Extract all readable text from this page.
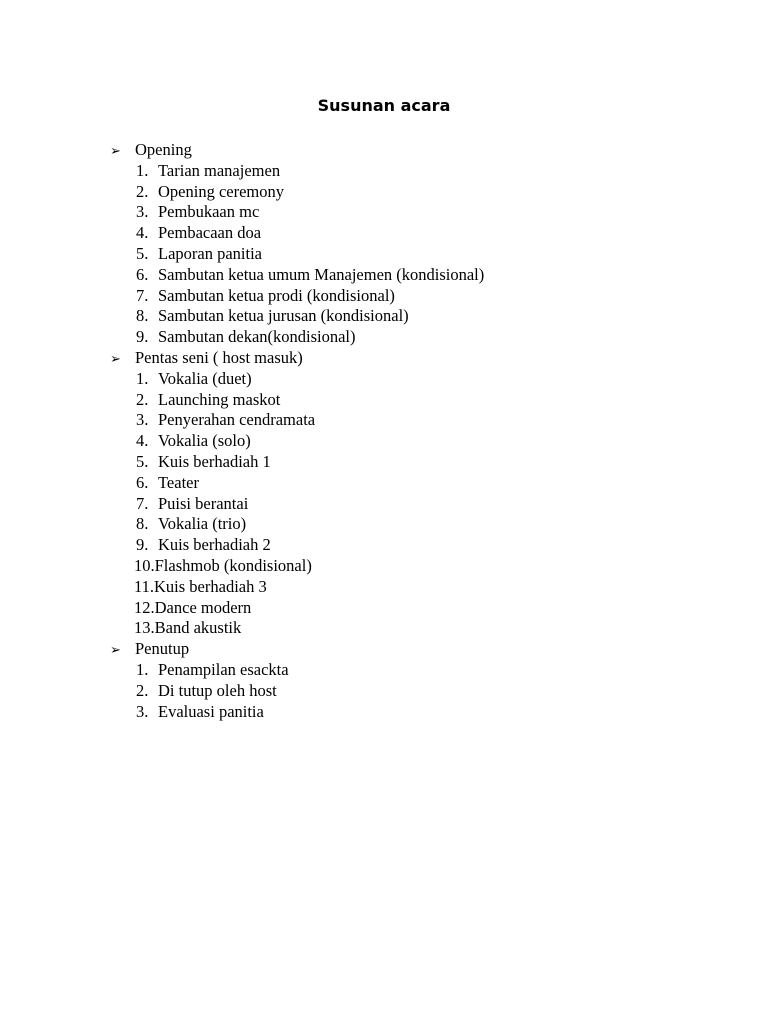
Susunan acara
➢ Opening
1. Tarian manajemen
2. Opening ceremony
3. Pembukaan mc
4. Pembacaan doa
5. Laporan panitia
6. Sambutan ketua umum Manajemen (kondisional)
7. Sambutan ketua prodi (kondisional)
8. Sambutan ketua jurusan (kondisional)
9. Sambutan dekan(kondisional)
➢ Pentas seni ( host masuk)
1. Vokalia (duet)
2. Launching maskot
3. Penyerahan cendramata
4. Vokalia (solo)
5. Kuis berhadiah 1
6. Teater
7. Puisi berantai
8. Vokalia (trio)
9. Kuis berhadiah 2
10. Flashmob (kondisional)
11. Kuis berhadiah 3
12. Dance modern
13. Band akustik
➢ Penutup
1. Penampilan esackta
2. Di tutup oleh host
3. Evaluasi panitia
